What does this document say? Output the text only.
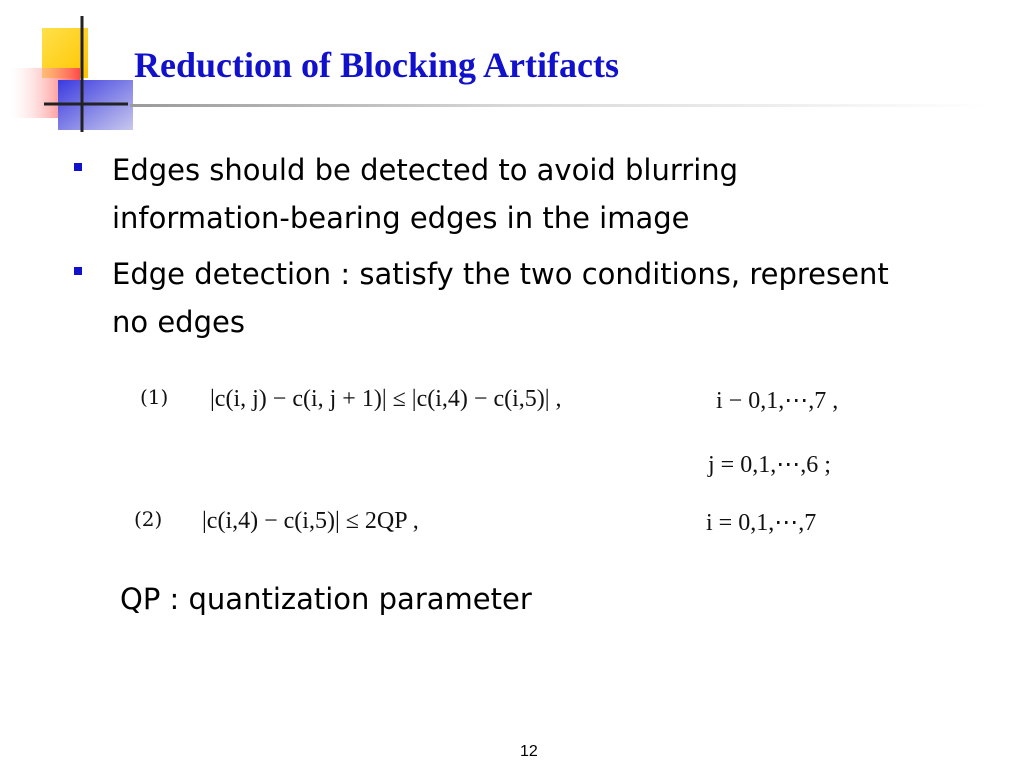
Reduction of Blocking Artifacts
Edges should be detected to avoid blurring information-bearing edges in the image
Edge detection : satisfy the two conditions, represent no edges
(1) |c(i, j) − c(i, j + 1)| ≤ |c(i,4) − c(i,5)| ,	i − 0,1,⋯,7 ,
j = 0,1,⋯,6 ;
(2) |c(i,4) − c(i,5)| ≤ 2QP ,	i = 0,1,⋯,7
QP : quantization parameter
12
